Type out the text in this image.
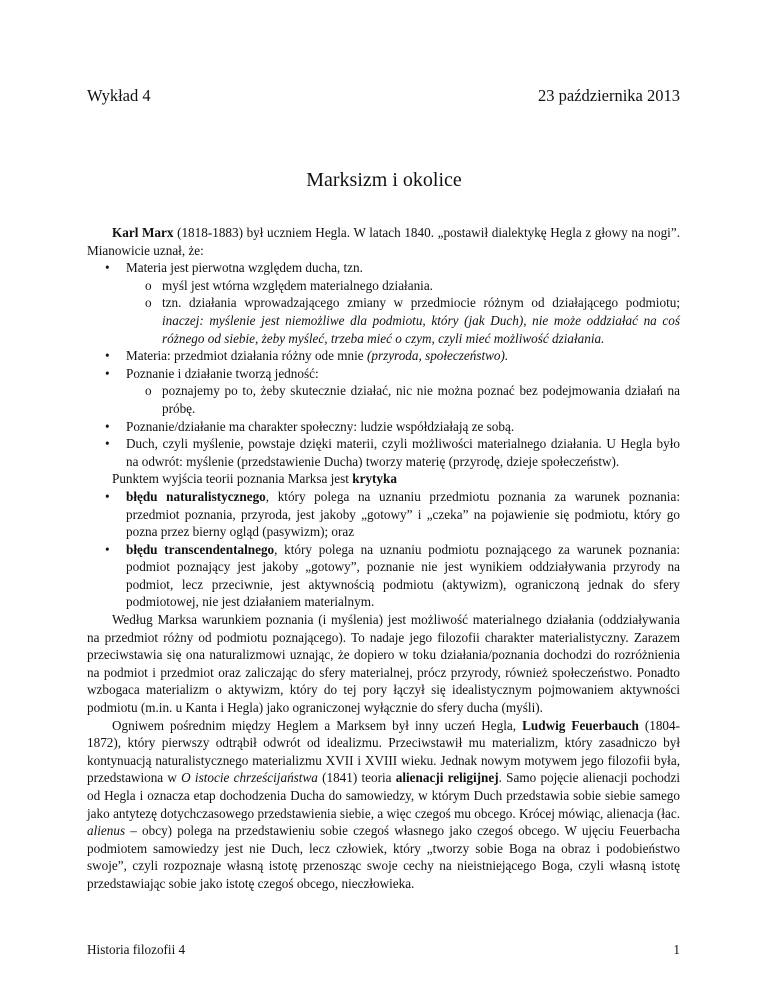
Wykład 4	23 października 2013
Marksizm i okolice

Karl Marx (1818-1883) był uczniem Hegla. W latach 1840. „postawił dialektykę Hegla z głowy na nogi”. Mianowicie uznał, że:

• Materia jest pierwotna względem ducha, tzn.
o myśl jest wtórna względem materialnego działania.
o tzn. działania wprowadzającego zmiany w przedmiocie różnym od działającego podmiotu; inaczej: myślenie jest niemożliwe dla podmiotu, który (jak Duch), nie może oddziałać na coś różnego od siebie, żeby myśleć, trzeba mieć o czym, czyli mieć możliwość działania.
• Materia: przedmiot działania różny ode mnie (przyroda, społeczeństwo).
• Poznanie i działanie tworzą jedność:
o poznajemy po to, żeby skutecznie działać, nic nie można poznać bez podejmowania działań na próbę.
• Poznanie/działanie ma charakter społeczny: ludzie współdziałają ze sobą.
• Duch, czyli myślenie, powstaje dzięki materii, czyli możliwości materialnego działania. U Hegla było na odwrót: myślenie (przedstawienie Ducha) tworzy materię (przyrodę, dzieje społeczeństw).

Punktem wyjścia teorii poznania Marksa jest krytyka

• błędu naturalistycznego, który polega na uznaniu przedmiotu poznania za warunek poznania: przedmiot poznania, przyroda, jest jakoby „gotowy” i „czeka” na pojawienie się podmiotu, który go pozna przez bierny ogląd (pasywizm); oraz
• błędu transcendentalnego, który polega na uznaniu podmiotu poznającego za warunek poznania: podmiot poznający jest jakoby „gotowy”, poznanie nie jest wynikiem oddziaływania przyrody na podmiot, lecz przeciwnie, jest aktywnością podmiotu (aktywizm), ograniczoną jednak do sfery podmiotowej, nie jest działaniem materialnym.

Według Marksa warunkiem poznania (i myślenia) jest możliwość materialnego działania (oddziaływania na przedmiot różny od podmiotu poznającego). To nadaje jego filozofii charakter materialistyczny. Zarazem przeciwstawia się ona naturalizmowi uznając, że dopiero w toku działania/poznania dochodzi do rozróżnienia na podmiot i przedmiot oraz zaliczając do sfery materialnej, prócz przyrody, również społeczeństwo. Ponadto wzbogaca materializm o aktywizm, który do tej pory łączył się idealistycznym pojmowaniem aktywności podmiotu (m.in. u Kanta i Hegla) jako ograniczonej wyłącznie do sfery ducha (myśli).

Ogniwem pośrednim między Heglem a Marksem był inny uczeń Hegla, Ludwig Feuerbauch (1804-1872), który pierwszy odtrąbił odwrót od idealizmu. Przeciwstawił mu materializm, który zasadniczo był kontynuacją naturalistycznego materializmu XVII i XVIII wieku. Jednak nowym motywem jego filozofii była, przedstawiona w O istocie chrześcijaństwa (1841) teoria alienacji religijnej. Samo pojęcie alienacji pochodzi od Hegla i oznacza etap dochodzenia Ducha do samowiedzy, w którym Duch przedstawia sobie siebie samego jako antytezę dotychczasowego przedstawienia siebie, a więc czegoś mu obcego. Krócej mówiąc, alienacja (łac. alienus – obcy) polega na przedstawieniu sobie czegoś własnego jako czegoś obcego. W ujęciu Feuerbacha podmiotem samowiedzy jest nie Duch, lecz człowiek, który „tworzy sobie Boga na obraz i podobieństwo swoje”, czyli rozpoznaje własną istotę przenosząc swoje cechy na nieistniejącego Boga, czyli własną istotę przedstawiając sobie jako istotę czegoś obcego, nieczłowieka.

Historia filozofii 4	1
